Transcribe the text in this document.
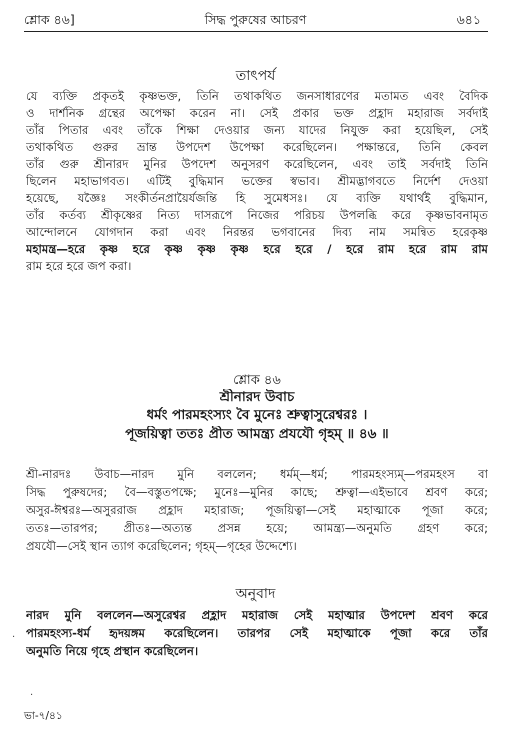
শ্লোক ৪৬]	সিদ্ধ পুরুষের আচরণ	৬৪১
তাৎপর্য
যে ব্যক্তি প্রকৃতই কৃষ্ণভক্ত, তিনি তথাকথিত জনসাধারণের মতামত এবং বৈদিক
ও দার্শনিক গ্রন্থের অপেক্ষা করেন না। সেই প্রকার ভক্ত প্রহ্লাদ মহারাজ সর্বদাই
তাঁর পিতার এবং তাঁকে শিক্ষা দেওয়ার জন্য যাদের নিযুক্ত করা হয়েছিল, সেই
তথাকথিত গুরুর ভ্রান্ত উপদেশ উপেক্ষা করেছিলেন। পক্ষান্তরে, তিনি কেবল
তাঁর গুরু শ্রীনারদ মুনির উপদেশ অনুসরণ করেছিলেন, এবং তাই সর্বদাই তিনি
ছিলেন মহাভাগবত। এটিই বুদ্ধিমান ভক্তের স্বভাব। শ্রীমদ্ভাগবতে নির্দেশ দেওয়া
হয়েছে, যজ্ঞৈঃ সংকীর্তনপ্রায়ৈর্যজন্তি হি সুমেধসঃ। যে ব্যক্তি যথার্থই বুদ্ধিমান,
তাঁর কর্তব্য শ্রীকৃষ্ণের নিত্য দাসরূপে নিজের পরিচয় উপলব্ধি করে কৃষ্ণভাবনামৃত
আন্দোলনে যোগদান করা এবং নিরন্তর ভগবানের দিব্য নাম সমন্বিত হরেকৃষ্ণ
মহামন্ত্র—হরে কৃষ্ণ হরে কৃষ্ণ কৃষ্ণ কৃষ্ণ হরে হরে / হরে রাম হরে রাম রাম
রাম হরে হরে জপ করা।
শ্লোক ৪৬
শ্রীনারদ উবাচ
ধর্মং পারমহংস্যং বৈ মুনেঃ শ্রুত্বাসুরেশ্বরঃ ।
পূজয়িত্বা ততঃ প্রীত আমন্ত্র্য প্রযযৌ গৃহম্ ॥ ৪৬ ॥
শ্রী-নারদঃ উবাচ—নারদ মুনি বললেন; ধর্মম্—ধর্ম; পারমহংস্যম্—পরমহংস বা
সিদ্ধ পুরুষদের; বৈ—বস্তুতপক্ষে; মুনেঃ—মুনির কাছে; শ্রুত্বা—এইভাবে শ্রবণ করে;
অসুর-ঈশ্বরঃ—অসুররাজ প্রহ্লাদ মহারাজ; পূজয়িত্বা—সেই মহাত্মাকে পূজা করে;
ততঃ—তারপর; প্রীতঃ—অত্যন্ত প্রসন্ন হয়ে; আমন্ত্র্য—অনুমতি গ্রহণ করে;
প্রযযৌ—সেই স্থান ত্যাগ করেছিলেন; গৃহম্—গৃহের উদ্দেশ্যে।
অনুবাদ
নারদ মুনি বললেন—অসুরেশ্বর প্রহ্লাদ মহারাজ সেই মহাত্মার উপদেশ শ্রবণ করে
পারমহংস্য-ধর্ম হৃদয়ঙ্গম করেছিলেন। তারপর সেই মহাত্মাকে পূজা করে তাঁর
অনুমতি নিয়ে গৃহে প্রস্থান করেছিলেন।
·
·
ভা-৭/৪১
